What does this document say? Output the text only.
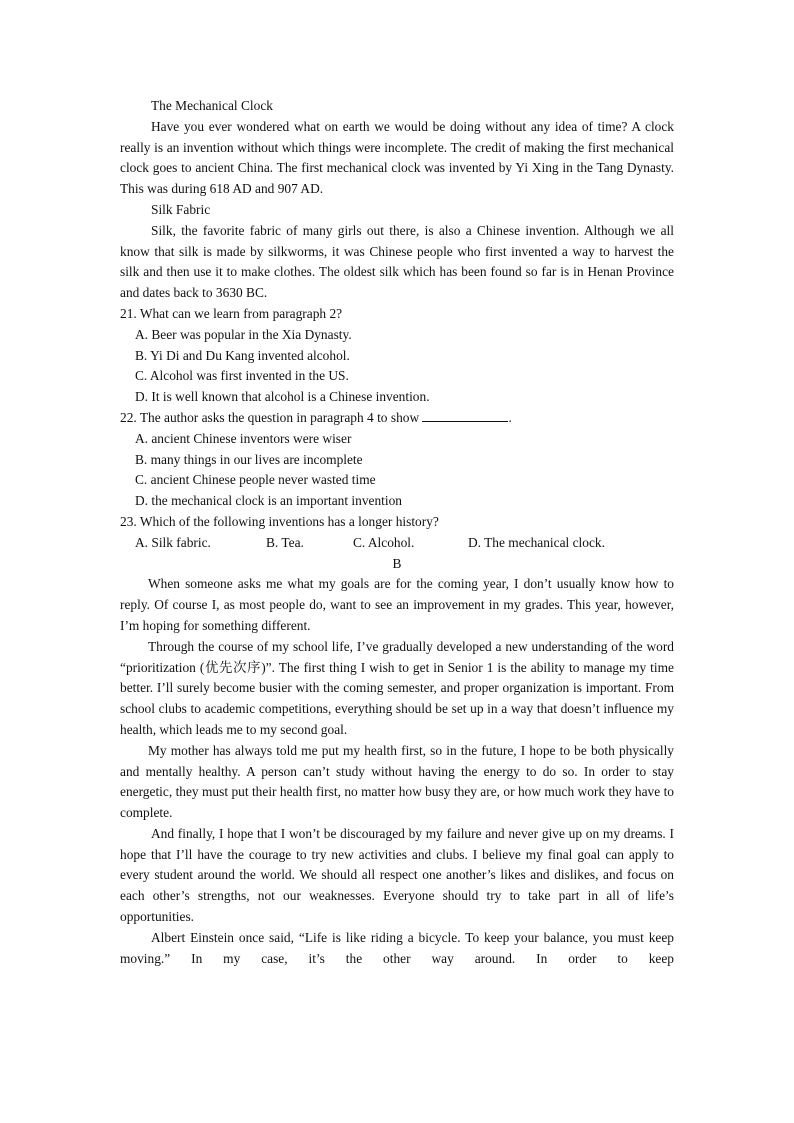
The Mechanical Clock

Have you ever wondered what on earth we would be doing without any idea of time? A clock really is an invention without which things were incomplete. The credit of making the first mechanical clock goes to ancient China. The first mechanical clock was invented by Yi Xing in the Tang Dynasty. This was during 618 AD and 907 AD.

Silk Fabric

Silk, the favorite fabric of many girls out there, is also a Chinese invention. Although we all know that silk is made by silkworms, it was Chinese people who first invented a way to harvest the silk and then use it to make clothes. The oldest silk which has been found so far is in Henan Province and dates back to 3630 BC.

21. What can we learn from paragraph 2?

A. Beer was popular in the Xia Dynasty.

B. Yi Di and Du Kang invented alcohol.

C. Alcohol was first invented in the US.

D. It is well known that alcohol is a Chinese invention.

22. The author asks the question in paragraph 4 to show	.

A. ancient Chinese inventors were wiser

B. many things in our lives are incomplete

C. ancient Chinese people never wasted time

D. the mechanical clock is an important invention

23. Which of the following inventions has a longer history?

A. Silk fabric.	B. Tea.	C. Alcohol.	D. The mechanical clock.

B

When someone asks me what my goals are for the coming year, I don’t usually know how to reply. Of course I, as most people do, want to see an improvement in my grades. This year, however, I’m hoping for something different.

Through the course of my school life, I’ve gradually developed a new understanding of the word “prioritization (优先次序)”. The first thing I wish to get in Senior 1 is the ability to manage my time better. I’ll surely become busier with the coming semester, and proper organization is important. From school clubs to academic competitions, everything should be set up in a way that doesn’t influence my health, which leads me to my second goal.

My mother has always told me put my health first, so in the future, I hope to be both physically and mentally healthy. A person can’t study without having the energy to do so. In order to stay energetic, they must put their health first, no matter how busy they are, or how much work they have to complete.

And finally, I hope that I won’t be discouraged by my failure and never give up on my dreams. I hope that I’ll have the courage to try new activities and clubs. I believe my final goal can apply to every student around the world. We should all respect one another’s likes and dislikes, and focus on each other’s strengths, not our weaknesses. Everyone should try to take part in all of life’s opportunities.

Albert Einstein once said, “Life is like riding a bicycle. To keep your balance, you must keep moving.” In my case, it’s the other way around. In order to keep
